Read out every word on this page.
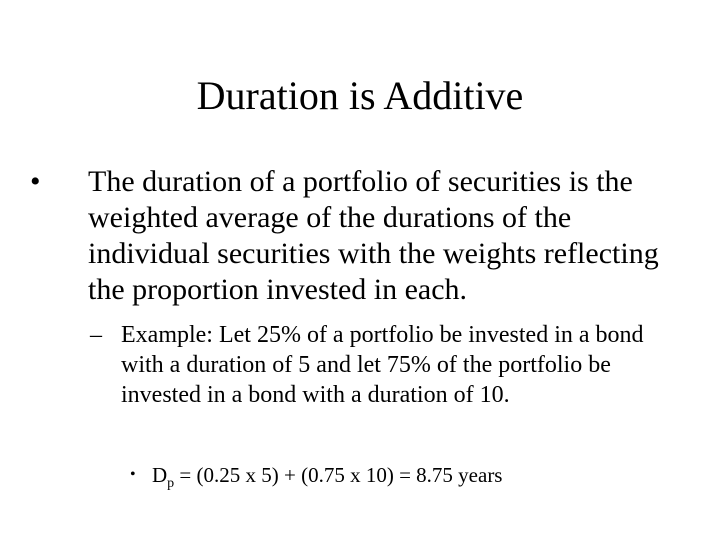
Duration is Additive
•	The duration of a portfolio of securities is the weighted average of the durations of the individual securities with the weights reflecting the proportion invested in each.
– Example: Let 25% of a portfolio be invested in a bond with a duration of 5 and let 75% of the portfolio be invested in a bond with a duration of 10.
• $D_p = (0.25$ x 5) + (0.75 x 10) = 8.75 years
